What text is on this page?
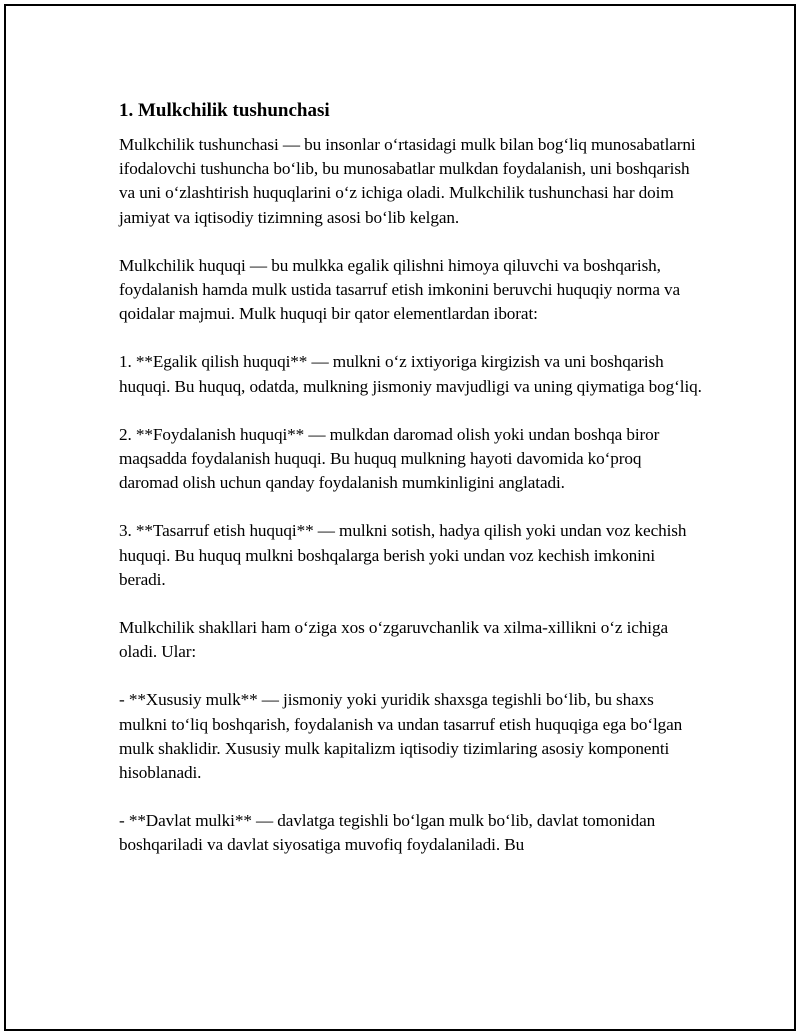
1. Mulkchilik tushunchasi

Mulkchilik tushunchasi — bu insonlar oʻrtasidagi mulk bilan bogʻliq munosabatlarni ifodalovchi tushuncha boʻlib, bu munosabatlar mulkdan foydalanish, uni boshqarish va uni oʻzlashtirish huquqlarini oʻz ichiga oladi. Mulkchilik tushunchasi har doim jamiyat va iqtisodiy tizimning asosi boʻlib kelgan.

Mulkchilik huquqi — bu mulkka egalik qilishni himoya qiluvchi va boshqarish, foydalanish hamda mulk ustida tasarruf etish imkonini beruvchi huquqiy norma va qoidalar majmui. Mulk huquqi bir qator elementlardan iborat:

1. **Egalik qilish huquqi** — mulkni oʻz ixtiyoriga kirgizish va uni boshqarish huquqi. Bu huquq, odatda, mulkning jismoniy mavjudligi va uning qiymatiga bogʻliq.

2. **Foydalanish huquqi** — mulkdan daromad olish yoki undan boshqa biror maqsadda foydalanish huquqi. Bu huquq mulkning hayoti davomida koʻproq daromad olish uchun qanday foydalanish mumkinligini anglatadi.

3. **Tasarruf etish huquqi** — mulkni sotish, hadya qilish yoki undan voz kechish huquqi. Bu huquq mulkni boshqalarga berish yoki undan voz kechish imkonini beradi.

Mulkchilik shakllari ham oʻziga xos oʻzgaruvchanlik va xilma-xillikni oʻz ichiga oladi. Ular:

- **Xususiy mulk** — jismoniy yoki yuridik shaxsga tegishli boʻlib, bu shaxs mulkni toʻliq boshqarish, foydalanish va undan tasarruf etish huquqiga ega boʻlgan mulk shaklidir. Xususiy mulk kapitalizm iqtisodiy tizimlaring asosiy komponenti hisoblanadi.

- **Davlat mulki** — davlatga tegishli boʻlgan mulk boʻlib, davlat tomonidan boshqariladi va davlat siyosatiga muvofiq foydalaniladi. Bu
